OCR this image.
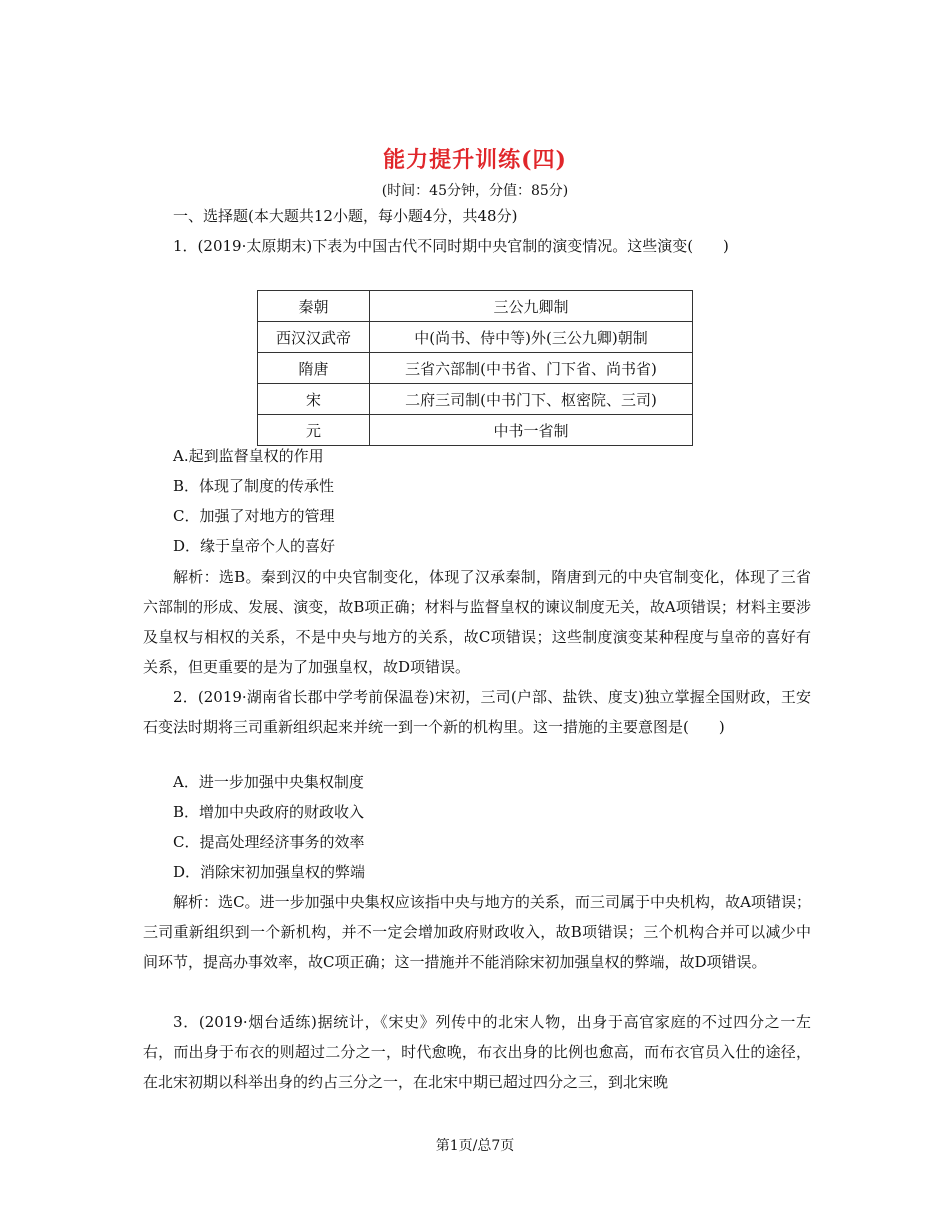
能力提升训练(四)
(时间：45分钟，分值：85分)
一、选择题(本大题共12小题，每小题4分，共48分)
1．(2019·太原期末)下表为中国古代不同时期中央官制的演变情况。这些演变(　　)
秦朝	三公九卿制
西汉汉武帝	中(尚书、侍中等)外(三公九卿)朝制
隋唐	三省六部制(中书省、门下省、尚书省)
宋	二府三司制(中书门下、枢密院、三司)
元	中书一省制
A.起到监督皇权的作用
B．体现了制度的传承性
C．加强了对地方的管理
D．缘于皇帝个人的喜好
解析：选B。秦到汉的中央官制变化，体现了汉承秦制，隋唐到元的中央官制变化，体现了三省六部制的形成、发展、演变，故B项正确；材料与监督皇权的谏议制度无关，故A项错误；材料主要涉及皇权与相权的关系，不是中央与地方的关系，故C项错误；这些制度演变某种程度与皇帝的喜好有关系，但更重要的是为了加强皇权，故D项错误。
2．(2019·湖南省长郡中学考前保温卷)宋初，三司(户部、盐铁、度支)独立掌握全国财政，王安石变法时期将三司重新组织起来并统一到一个新的机构里。这一措施的主要意图是(　　)
A．进一步加强中央集权制度
B．增加中央政府的财政收入
C．提高处理经济事务的效率
D．消除宋初加强皇权的弊端
解析：选C。进一步加强中央集权应该指中央与地方的关系，而三司属于中央机构，故A项错误；三司重新组织到一个新机构，并不一定会增加政府财政收入，故B项错误；三个机构合并可以减少中间环节，提高办事效率，故C项正确；这一措施并不能消除宋初加强皇权的弊端，故D项错误。
3．(2019·烟台适练)据统计，《宋史》列传中的北宋人物，出身于高官家庭的不过四分之一左右，而出身于布衣的则超过二分之一，时代愈晚，布衣出身的比例也愈高，而布衣官员入仕的途径，在北宋初期以科举出身的约占三分之一，在北宋中期已超过四分之三，到北宋晚
第1页/总7页
